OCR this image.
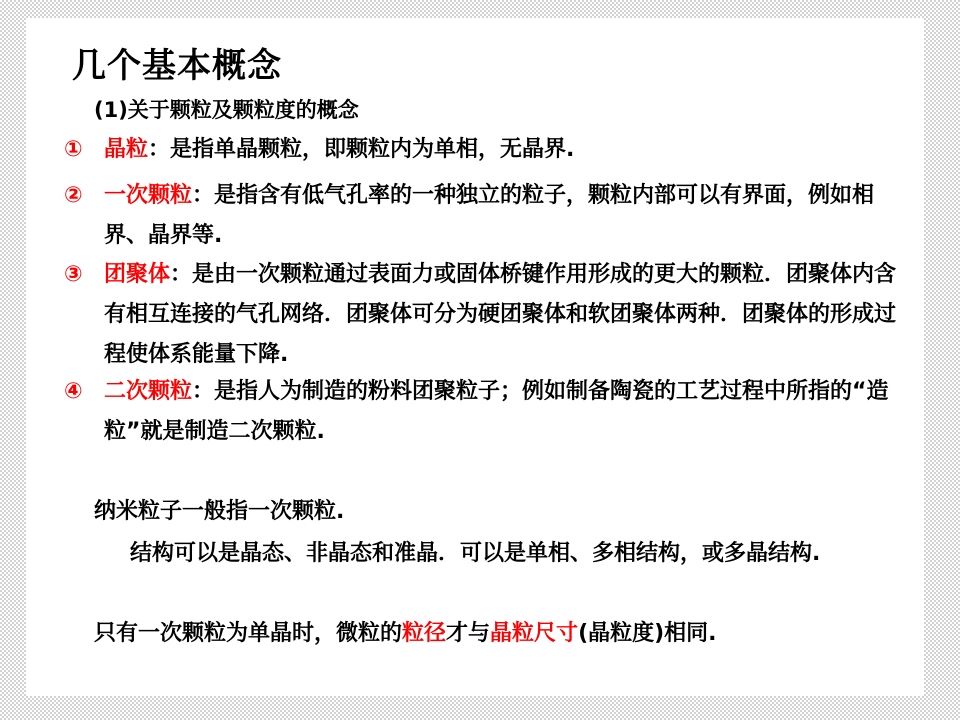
几个基本概念
(1)关于颗粒及颗粒度的概念
① 晶粒：是指单晶颗粒，即颗粒内为单相，无晶界.
② 一次颗粒：是指含有低气孔率的一种独立的粒子，颗粒内部可以有界面，例如相界、晶界等.
③ 团聚体：是由一次颗粒通过表面力或固体桥键作用形成的更大的颗粒．团聚体内含有相互连接的气孔网络．团聚体可分为硬团聚体和软团聚体两种．团聚体的形成过程使体系能量下降.
④ 二次颗粒：是指人为制造的粉料团聚粒子；例如制备陶瓷的工艺过程中所指的“造粒”就是制造二次颗粒.
纳米粒子一般指一次颗粒.
结构可以是晶态、非晶态和准晶．可以是单相、多相结构，或多晶结构.
只有一次颗粒为单晶时，微粒的粒径才与晶粒尺寸(晶粒度)相同.
